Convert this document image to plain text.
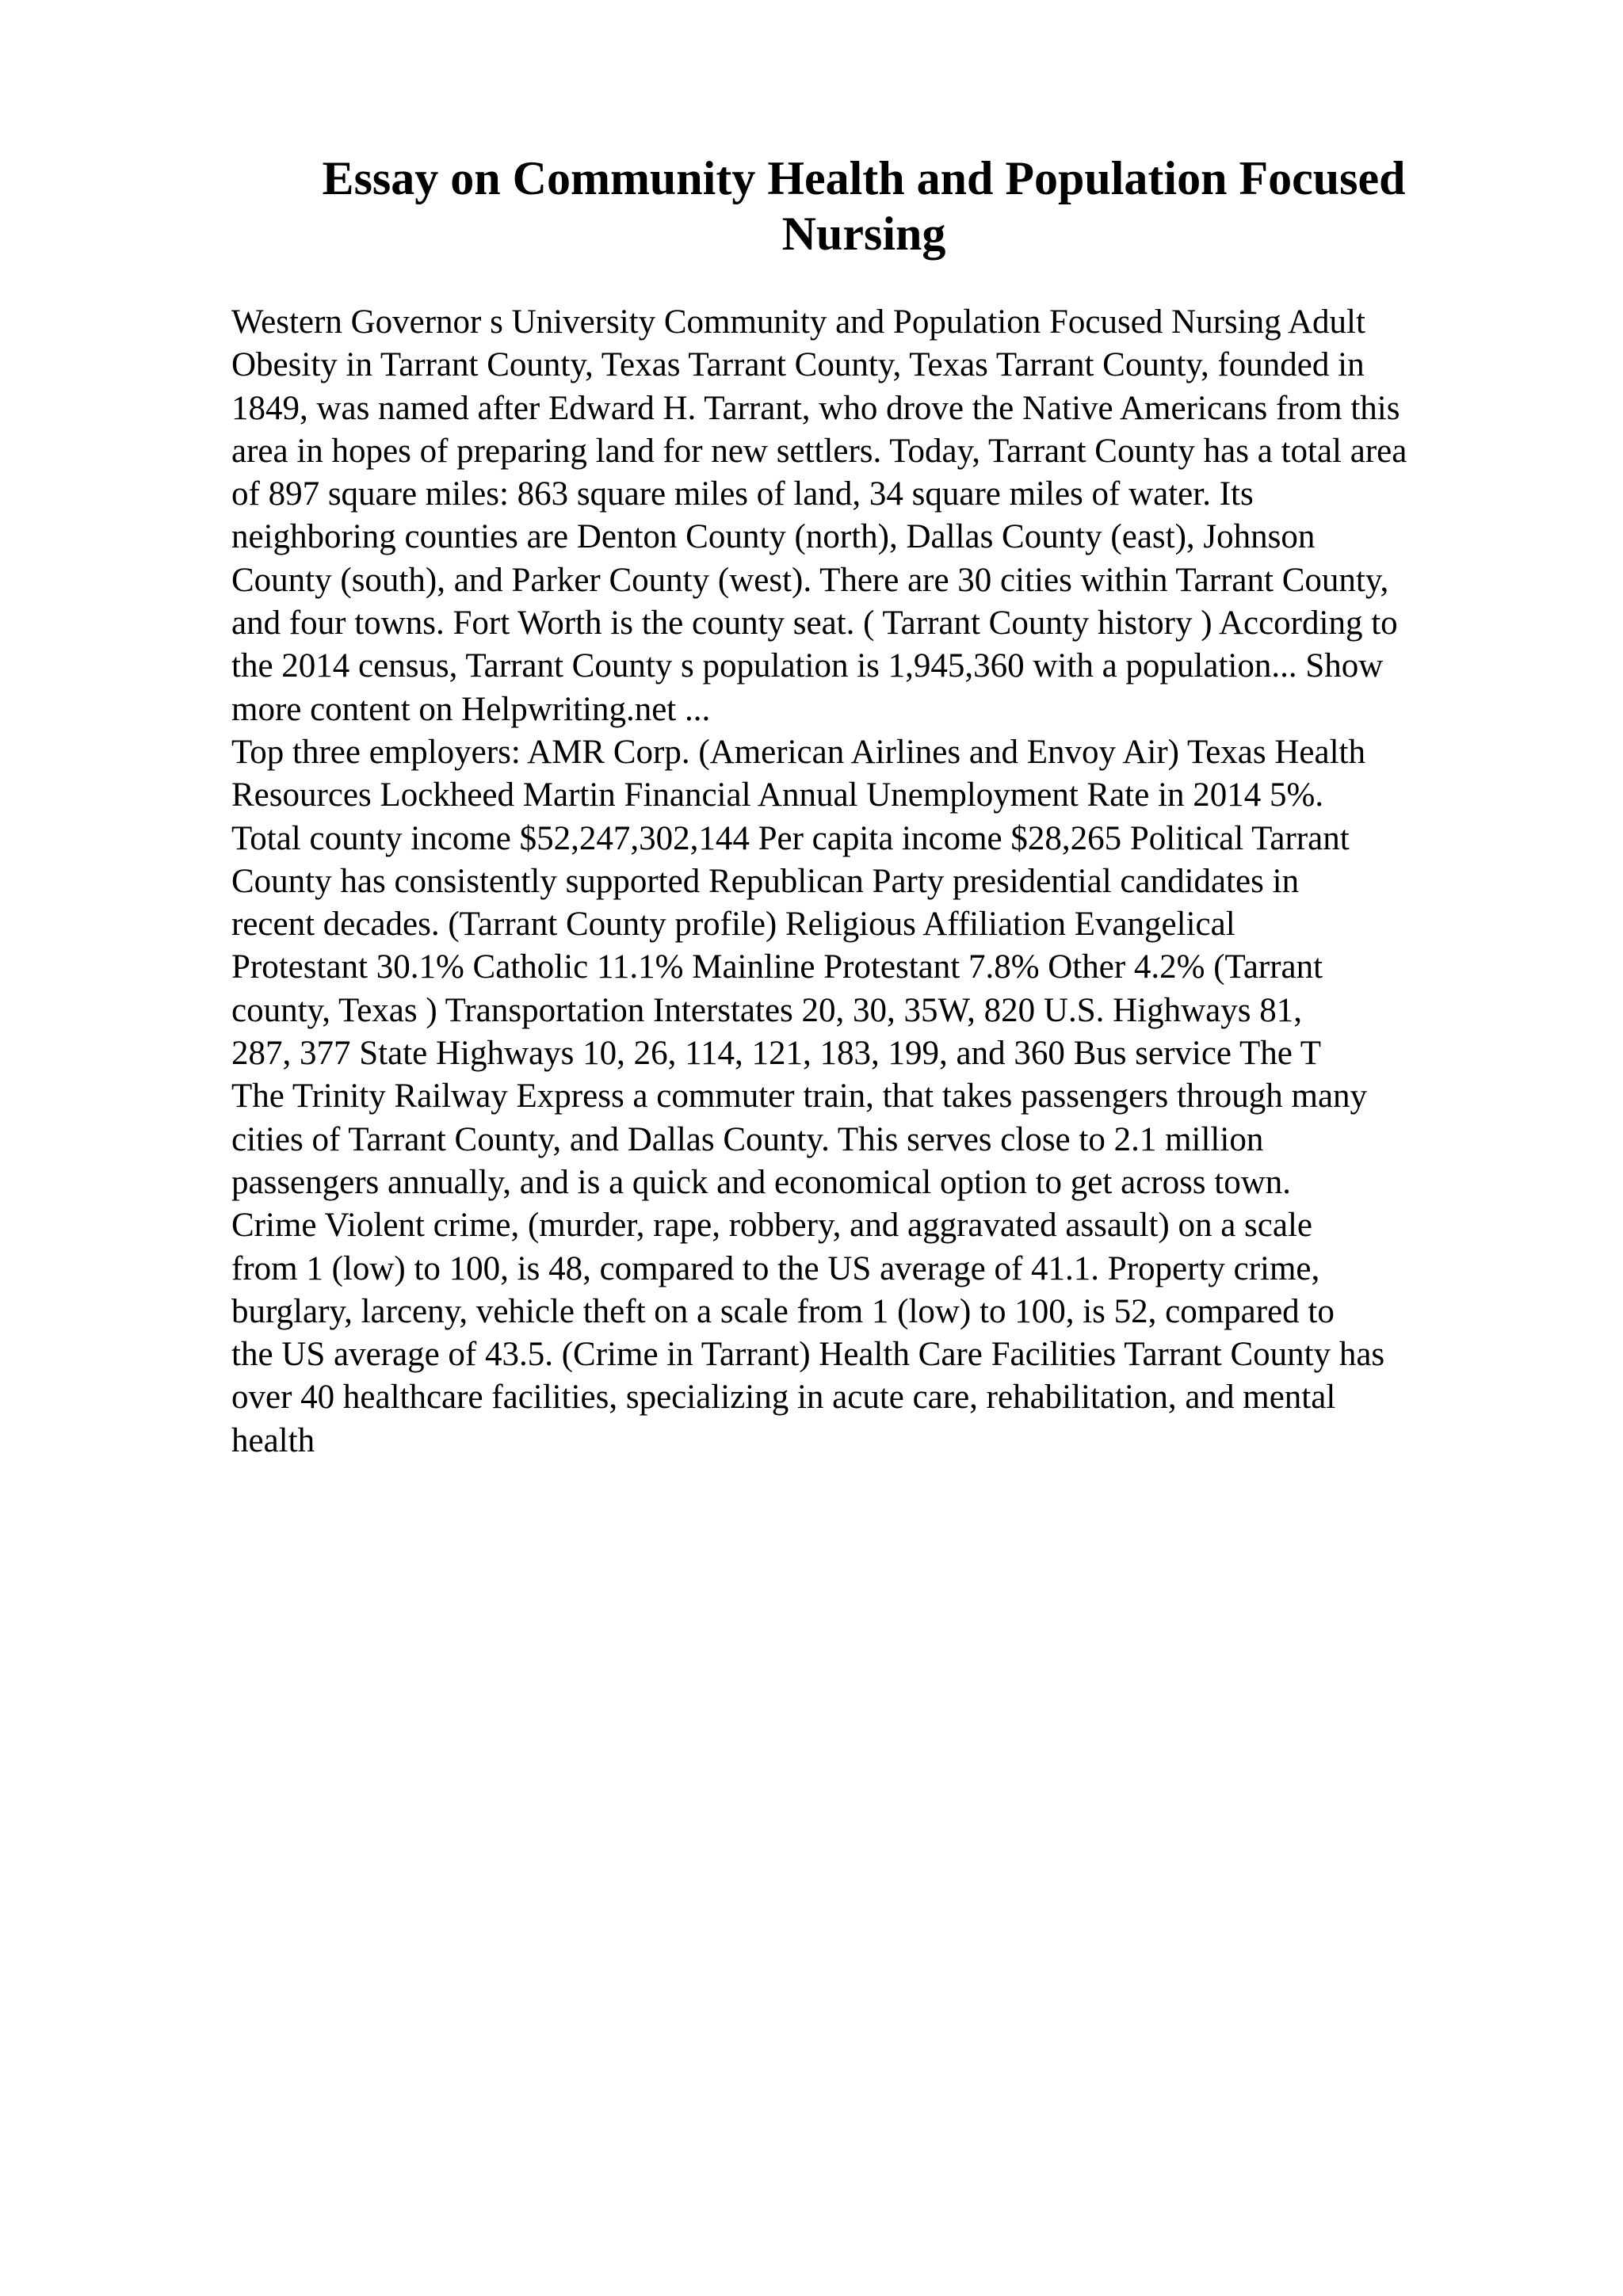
Essay on Community Health and Population Focused Nursing
Western Governor s University Community and Population Focused Nursing Adult
Obesity in Tarrant County, Texas Tarrant County, Texas Tarrant County, founded in
1849, was named after Edward H. Tarrant, who drove the Native Americans from this
area in hopes of preparing land for new settlers. Today, Tarrant County has a total area
of 897 square miles: 863 square miles of land, 34 square miles of water. Its
neighboring counties are Denton County (north), Dallas County (east), Johnson
County (south), and Parker County (west). There are 30 cities within Tarrant County,
and four towns. Fort Worth is the county seat. ( Tarrant County history ) According to
the 2014 census, Tarrant County s population is 1,945,360 with a population... Show
more content on Helpwriting.net ...
Top three employers: AMR Corp. (American Airlines and Envoy Air) Texas Health
Resources Lockheed Martin Financial Annual Unemployment Rate in 2014 5%.
Total county income $52,247,302,144 Per capita income $28,265 Political Tarrant
County has consistently supported Republican Party presidential candidates in
recent decades. (Tarrant County profile) Religious Affiliation Evangelical
Protestant 30.1% Catholic 11.1% Mainline Protestant 7.8% Other 4.2% (Tarrant
county, Texas ) Transportation Interstates 20, 30, 35W, 820 U.S. Highways 81,
287, 377 State Highways 10, 26, 114, 121, 183, 199, and 360 Bus service The T
The Trinity Railway Express a commuter train, that takes passengers through many
cities of Tarrant County, and Dallas County. This serves close to 2.1 million
passengers annually, and is a quick and economical option to get across town.
Crime Violent crime, (murder, rape, robbery, and aggravated assault) on a scale
from 1 (low) to 100, is 48, compared to the US average of 41.1. Property crime,
burglary, larceny, vehicle theft on a scale from 1 (low) to 100, is 52, compared to
the US average of 43.5. (Crime in Tarrant) Health Care Facilities Tarrant County has
over 40 healthcare facilities, specializing in acute care, rehabilitation, and mental
health
